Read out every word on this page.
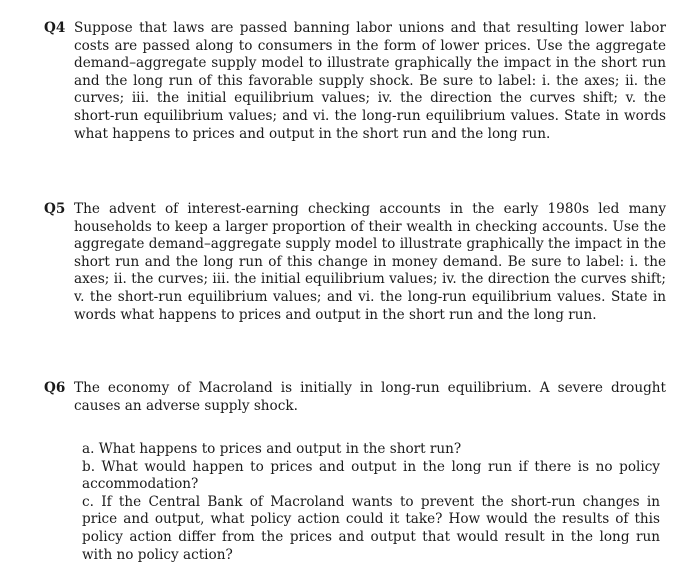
Q4 Suppose that laws are passed banning labor unions and that resulting lower labor costs are passed along to consumers in the form of lower prices. Use the aggregate demand–aggregate supply model to illustrate graphically the impact in the short run and the long run of this favorable supply shock. Be sure to label: i. the axes; ii. the curves; iii. the initial equilibrium values; iv. the direction the curves shift; v. the short-run equilibrium values; and vi. the long-run equilibrium values. State in words what happens to prices and output in the short run and the long run.
Q5 The advent of interest-earning checking accounts in the early 1980s led many households to keep a larger proportion of their wealth in checking accounts. Use the aggregate demand–aggregate supply model to illustrate graphically the impact in the short run and the long run of this change in money demand. Be sure to label: i. the axes; ii. the curves; iii. the initial equilibrium values; iv. the direction the curves shift; v. the short-run equilibrium values; and vi. the long-run equilibrium values. State in words what happens to prices and output in the short run and the long run.
Q6 The economy of Macroland is initially in long-run equilibrium. A severe drought causes an adverse supply shock.

a. What happens to prices and output in the short run?

b. What would happen to prices and output in the long run if there is no policy accommodation?

c. If the Central Bank of Macroland wants to prevent the short-run changes in price and output, what policy action could it take? How would the results of this policy action differ from the prices and output that would result in the long run with no policy action?
